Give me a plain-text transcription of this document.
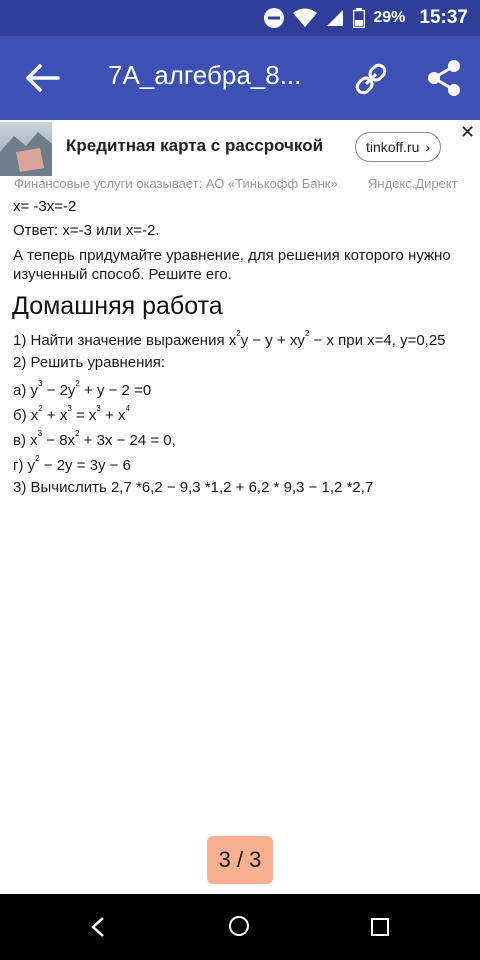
29% 15:37
7А_алгебра_8...
Кредитная карта с рассрочкой	tinkoff.ru ›
✕
Финансовые услуги оказывает: АО «Тинькофф Банк»	Яндекс.Директ
x= -3x=-2
Ответ: x=-3 или x=-2.
А теперь придумайте уравнение, для решения которого нужно
изученный способ. Решите его.
Домашняя работа
1) Найти значение выражения $x^2y - y + xy^2 - x$ при x=4, y=0,25
2) Решить уравнения:
а) $y^3 - 2y^2 + y - 2 =0$
б) $x^2 + x^3 = x^3 + x^4$
в) $x^3 - 8x^2 + 3x - 24 = 0$,
г) $y^2 - 2y = 3y - 6$
3) Вычислить 2,7 *6,2 − 9,3 *1,2 + 6,2 * 9,3 − 1,2 *2,7
3 / 3
